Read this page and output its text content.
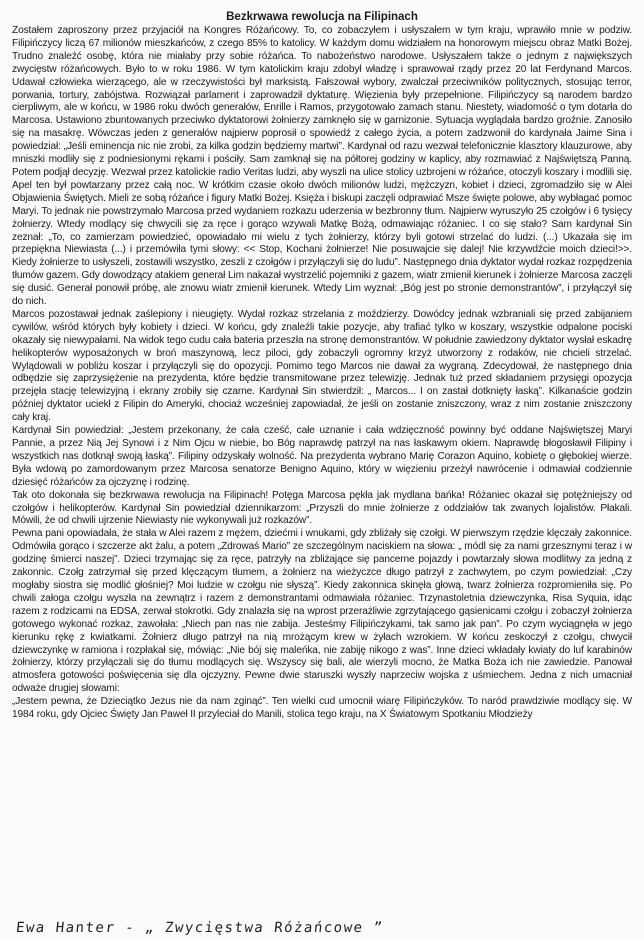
Bezkrwawa rewolucja na Filipinach

Zostałem zaproszony przez przyjaciół na Kongres Różańcowy. To, co zobaczyłem i usłyszałem w tym kraju, wprawiło mnie w podziw. Filipińczycy liczą 67 milionów mieszkańców, z czego 85% to katolicy. W każdym domu widziałem na honorowym miejscu obraz Matki Bożej. Trudno znaleźć osobę, która nie miałaby przy sobie różańca. To nabożeństwo narodowe. Usłyszałem także o jednym z największych zwycięstw różańcowych. Było to w roku 1986. W tym katolickim kraju zdobył władzę i sprawował rządy przez 20 lat Ferdynand Marcos. Udawał człowieka wierzącego, ale w rzeczywistości był marksistą. Fałszował wybory, zwalczał przeciwników politycznych, stosując terror, porwania, tortury, zabójstwa. Rozwiązał parlament i zaprowadził dyktaturę. Więzienia były przepełnione. Filipińczycy są narodem bardzo cierpliwym, ale w końcu, w 1986 roku dwóch generałów, Enrille i Ramos, przygotowało zamach stanu. Niestety, wiadomość o tym dotarła do Marcosa. Ustawiono zbuntowanych przeciwko dyktatorowi żołnierzy zamknęło się w garnizonie. Sytuacja wyglądała bardzo groźnie. Zanosiło się na masakrę. Wówczas jeden z generałów najpierw poprosił o spowiedź z całego życia, a potem zadzwonił do kardynała Jaime Sina i powiedział: „Jeśli eminencja nic nie zrobi, za kilka godzin będziemy martwi”. Kardynał od razu wezwał telefonicznie klasztory klauzurowe, aby mniszki modliły się z podniesionymi rękami i pościły. Sam zamknął się na półtorej godziny w kaplicy, aby rozmawiać z Najświętszą Panną. Potem podjął decyzję. Wezwał przez katolickie radio Veritas ludzi, aby wyszli na ulice stolicy uzbrojeni w różańce, otoczyli koszary i modlili się. Apel ten był powtarzany przez całą noc. W krótkim czasie około dwóch milionów ludzi, mężczyzn, kobiet i dzieci, zgromadziło się w Alei Objawienia Świętych. Mieli ze sobą różańce i figury Matki Bożej. Księża i biskupi zaczęli odprawiać Msze święte polowe, aby wybłagać pomoc Maryi. To jednak nie powstrzymało Marcosa przed wydaniem rozkazu uderzenia w bezbronny tłum. Najpierw wyruszyło 25 czołgów i 6 tysięcy żołnierzy. Wtedy modlący się chwycili się za ręce i gorąco wzywali Matkę Bożą, odmawiając różaniec. I co się stało? Sam kardynał Sin zeznał: „To, co zamierzam powiedzieć, opowiadało mi wielu z tych żołnierzy, którzy byli gotowi strzelać do ludzi. (...) Ukazała się im przepiękna Niewiasta (...) i przemówiła tymi słowy: << Stop, Kochani żołnierze! Nie posuwajcie się dalej! Nie krzywdźcie moich dzieci!>>. Kiedy żołnierze to usłyszeli, zostawili wszystko, zeszli z czołgów i przyłączyli się do ludu”. Następnego dnia dyktator wydał rozkaz rozpędzenia tłumów gazem. Gdy dowodzący atakiem generał Lim nakazał wystrzelić pojemniki z gazem, wiatr zmienił kierunek i żołnierze Marcosa zaczęli się dusić. Generał ponowił próbę, ale znowu wiatr zmienił kierunek. Wtedy Lim wyznał: „Bóg jest po stronie demonstrantów”, i przyłączył się do nich.

Marcos pozostawał jednak zaślepiony i nieugięty. Wydał rozkaz strzelania z moździerzy. Dowódcy jednak wzbraniali się przed zabijaniem cywilów, wśród których były kobiety i dzieci. W końcu, gdy znaleźli takie pozycje, aby trafiać tylko w koszary, wszystkie odpalone pociski okazały się niewypałami. Na widok tego cudu cała bateria przeszła na stronę demonstrantów. W południe zawiedzony dyktator wysłał eskadrę helikopterów wyposażonych w broń maszynową, lecz piloci, gdy zobaczyli ogromny krzyż utworzony z rodaków, nie chcieli strzelać. Wylądowali w pobliżu koszar i przyłączyli się do opozycji. Pomimo tego Marcos nie dawał za wygraną. Zdecydował, że następnego dnia odbędzie się zaprzysiężenie na prezydenta, które będzie transmitowane przez telewizję. Jednak tuż przed składaniem przysięgi opozycja przejęła stację telewizyjną i ekrany zrobiły się czarne. Kardynał Sin stwierdził: „ Marcos... I on zastał dotknięty łaską”. Kilkanaście godzin później dyktator uciekł z Filipin do Ameryki, chociaż wcześniej zapowiadał, że jeśli on zostanie zniszczony, wraz z nim zostanie zniszczony cały kraj.

Kardynał Sin powiedział: „Jestem przekonany, że cała cześć, całe uznanie i cała wdzięczność powinny być oddane Najświętszej Maryi Pannie, a przez Nią Jej Synowi i z Nim Ojcu w niebie, bo Bóg naprawdę patrzył na nas łaskawym okiem. Naprawdę błogosławił Filipiny i wszystkich nas dotknął swoją łaską”. Filipiny odzyskały wolność. Na prezydenta wybrano Marię Corazon Aquino, kobietę o głębokiej wierze. Była wdową po zamordowanym przez Marcosa senatorze Benigno Aquino, który w więzieniu przeżył nawrócenie i odmawiał codziennie dziesięć różańców za ojczyznę i rodzinę.

Tak oto dokonała się bezkrwawa rewolucja na Filipinach! Potęga Marcosa pękła jak mydlana bańka! Różaniec okazał się potężniejszy od czołgów i helikopterów. Kardynał Sin powiedział dziennikarzom: „Przyszli do mnie żołnierze z oddziałów tak zwanych lojalistów. Płakali. Mówili, że od chwili ujrzenie Niewiasty nie wykonywali już rozkazów”.

Pewna pani opowiadała, że stała w Alei razem z mężem, dziećmi i wnukami, gdy zbliżały się czołgi. W pierwszym rzędzie klęczały zakonnice. Odmówiła gorąco i szczerze akt żalu, a potem „Zdrowaś Mario” ze szczególnym naciskiem na słowa: „ módl się za nami grzesznymi teraz i w godzinę śmierci naszej”. Dzieci trzymając się za ręce, patrzyły na zbliżające się pancerne pojazdy i powtarzały słowa modlitwy za jedną z zakonnic. Czołg zatrzymał się przed klęczącym tłumem, a żołnierz na wieżyczce długo patrzył z zachwytem, po czym powiedział: „Czy mogłaby siostra się modlić głośniej? Moi ludzie w czołgu nie słyszą”. Kiedy zakonnica skinęła głową, twarz żołnierza rozpromieniła się. Po chwili załoga czołgu wyszła na zewnątrz i razem z demonstrantami odmawiała różaniec. Trzynastoletnia dziewczynka, Risa Syquia, idąc razem z rodzicami na EDSA, zerwał stokrotki. Gdy znalazła się na wprost przerażliwie zgrzytającego gąsienicami czołgu i zobaczył żołnierza gotowego wykonać rozkaz, zawołała: „Niech pan nas nie zabija. Jesteśmy Filipińczykami, tak samo jak pan”. Po czym wyciągnęła w jego kierunku rękę z kwiatkami. Żołnierz długo patrzył na nią mrożącym krew w żyłach wzrokiem. W końcu zeskoczył z czołgu, chwycił dziewczynkę w ramiona i rozpłakał się, mówiąc: „Nie bój się maleńka, nie zabiję nikogo z was”. Inne dzieci wkładały kwiaty do luf karabinów żołnierzy, którzy przyłączali się do tłumu modlących się. Wszyscy się bali, ale wierzyli mocno, że Matka Boża ich nie zawiedzie. Panował atmosfera gotowości poświęcenia się dla ojczyzny. Pewne dwie staruszki wyszły naprzeciw wojska z uśmiechem. Jedna z nich umacniał odważe drugiej słowami:

„Jestem pewna, że Dzieciątko Jezus nie da nam zginąć”. Ten wielki cud umocnił wiarę Filipińczyków. To naród prawdziwie modlący się. W 1984 roku, gdy Ojciec Święty Jan Paweł II przyleciał do Manili, stolica tego kraju, na X Światowym Spotkaniu Młodzieży

Ewa Hanter - „ Zwycięstwa Różańcowe ”
